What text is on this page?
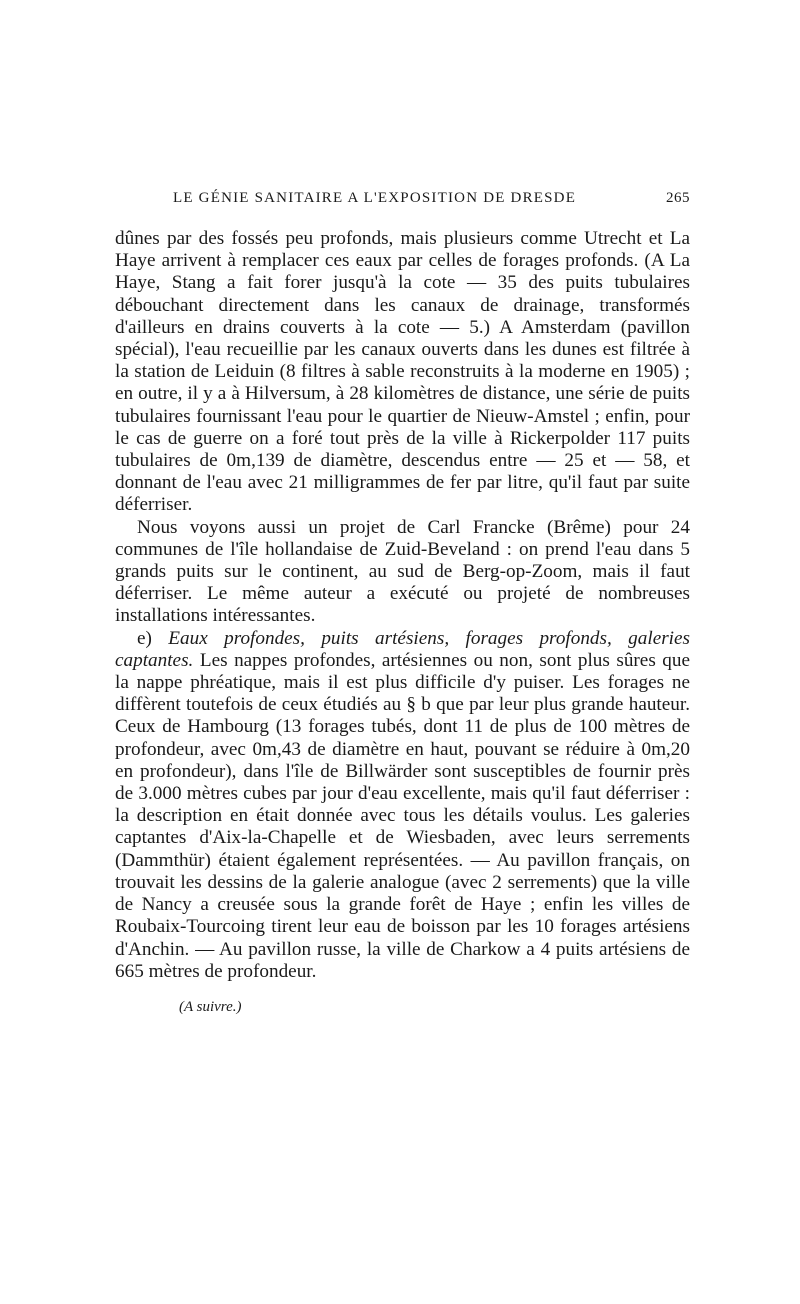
LE GÉNIE SANITAIRE A L'EXPOSITION DE DRESDE	265

dûnes par des fossés peu profonds, mais plusieurs comme Utrecht et La Haye arrivent à remplacer ces eaux par celles de forages profonds. (A La Haye, Stang a fait forer jusqu'à la cote — 35 des puits tubulaires débouchant directement dans les canaux de drainage, transformés d'ailleurs en drains couverts à la cote — 5.) A Amsterdam (pavillon spécial), l'eau recueillie par les canaux ouverts dans les dunes est filtrée à la station de Leiduin (8 filtres à sable reconstruits à la moderne en 1905) ; en outre, il y a à Hilversum, à 28 kilomètres de distance, une série de puits tubulaires fournissant l'eau pour le quartier de Nieuw-Amstel ; enfin, pour le cas de guerre on a foré tout près de la ville à Rickerpolder 117 puits tubulaires de 0m,139 de diamètre, descendus entre — 25 et — 58, et donnant de l'eau avec 21 milligrammes de fer par litre, qu'il faut par suite déferriser.

Nous voyons aussi un projet de Carl Francke (Brême) pour 24 communes de l'île hollandaise de Zuid-Beveland : on prend l'eau dans 5 grands puits sur le continent, au sud de Berg-op-Zoom, mais il faut déferriser. Le même auteur a exécuté ou projeté de nombreuses installations intéressantes.

e) Eaux profondes, puits artésiens, forages profonds, galeries captantes. Les nappes profondes, artésiennes ou non, sont plus sûres que la nappe phréatique, mais il est plus difficile d'y puiser. Les forages ne diffèrent toutefois de ceux étudiés au § b que par leur plus grande hauteur. Ceux de Hambourg (13 forages tubés, dont 11 de plus de 100 mètres de profondeur, avec 0m,43 de diamètre en haut, pouvant se réduire à 0m,20 en profondeur), dans l'île de Billwärder sont susceptibles de fournir près de 3.000 mètres cubes par jour d'eau excellente, mais qu'il faut déferriser : la description en était donnée avec tous les détails voulus. Les galeries captantes d'Aix-la-Chapelle et de Wiesbaden, avec leurs serrements (Dammthür) étaient également représentées. — Au pavillon français, on trouvait les dessins de la galerie analogue (avec 2 serrements) que la ville de Nancy a creusée sous la grande forêt de Haye ; enfin les villes de Roubaix-Tourcoing tirent leur eau de boisson par les 10 forages artésiens d'Anchin. — Au pavillon russe, la ville de Charkow a 4 puits artésiens de 665 mètres de profondeur.

(A suivre.)
